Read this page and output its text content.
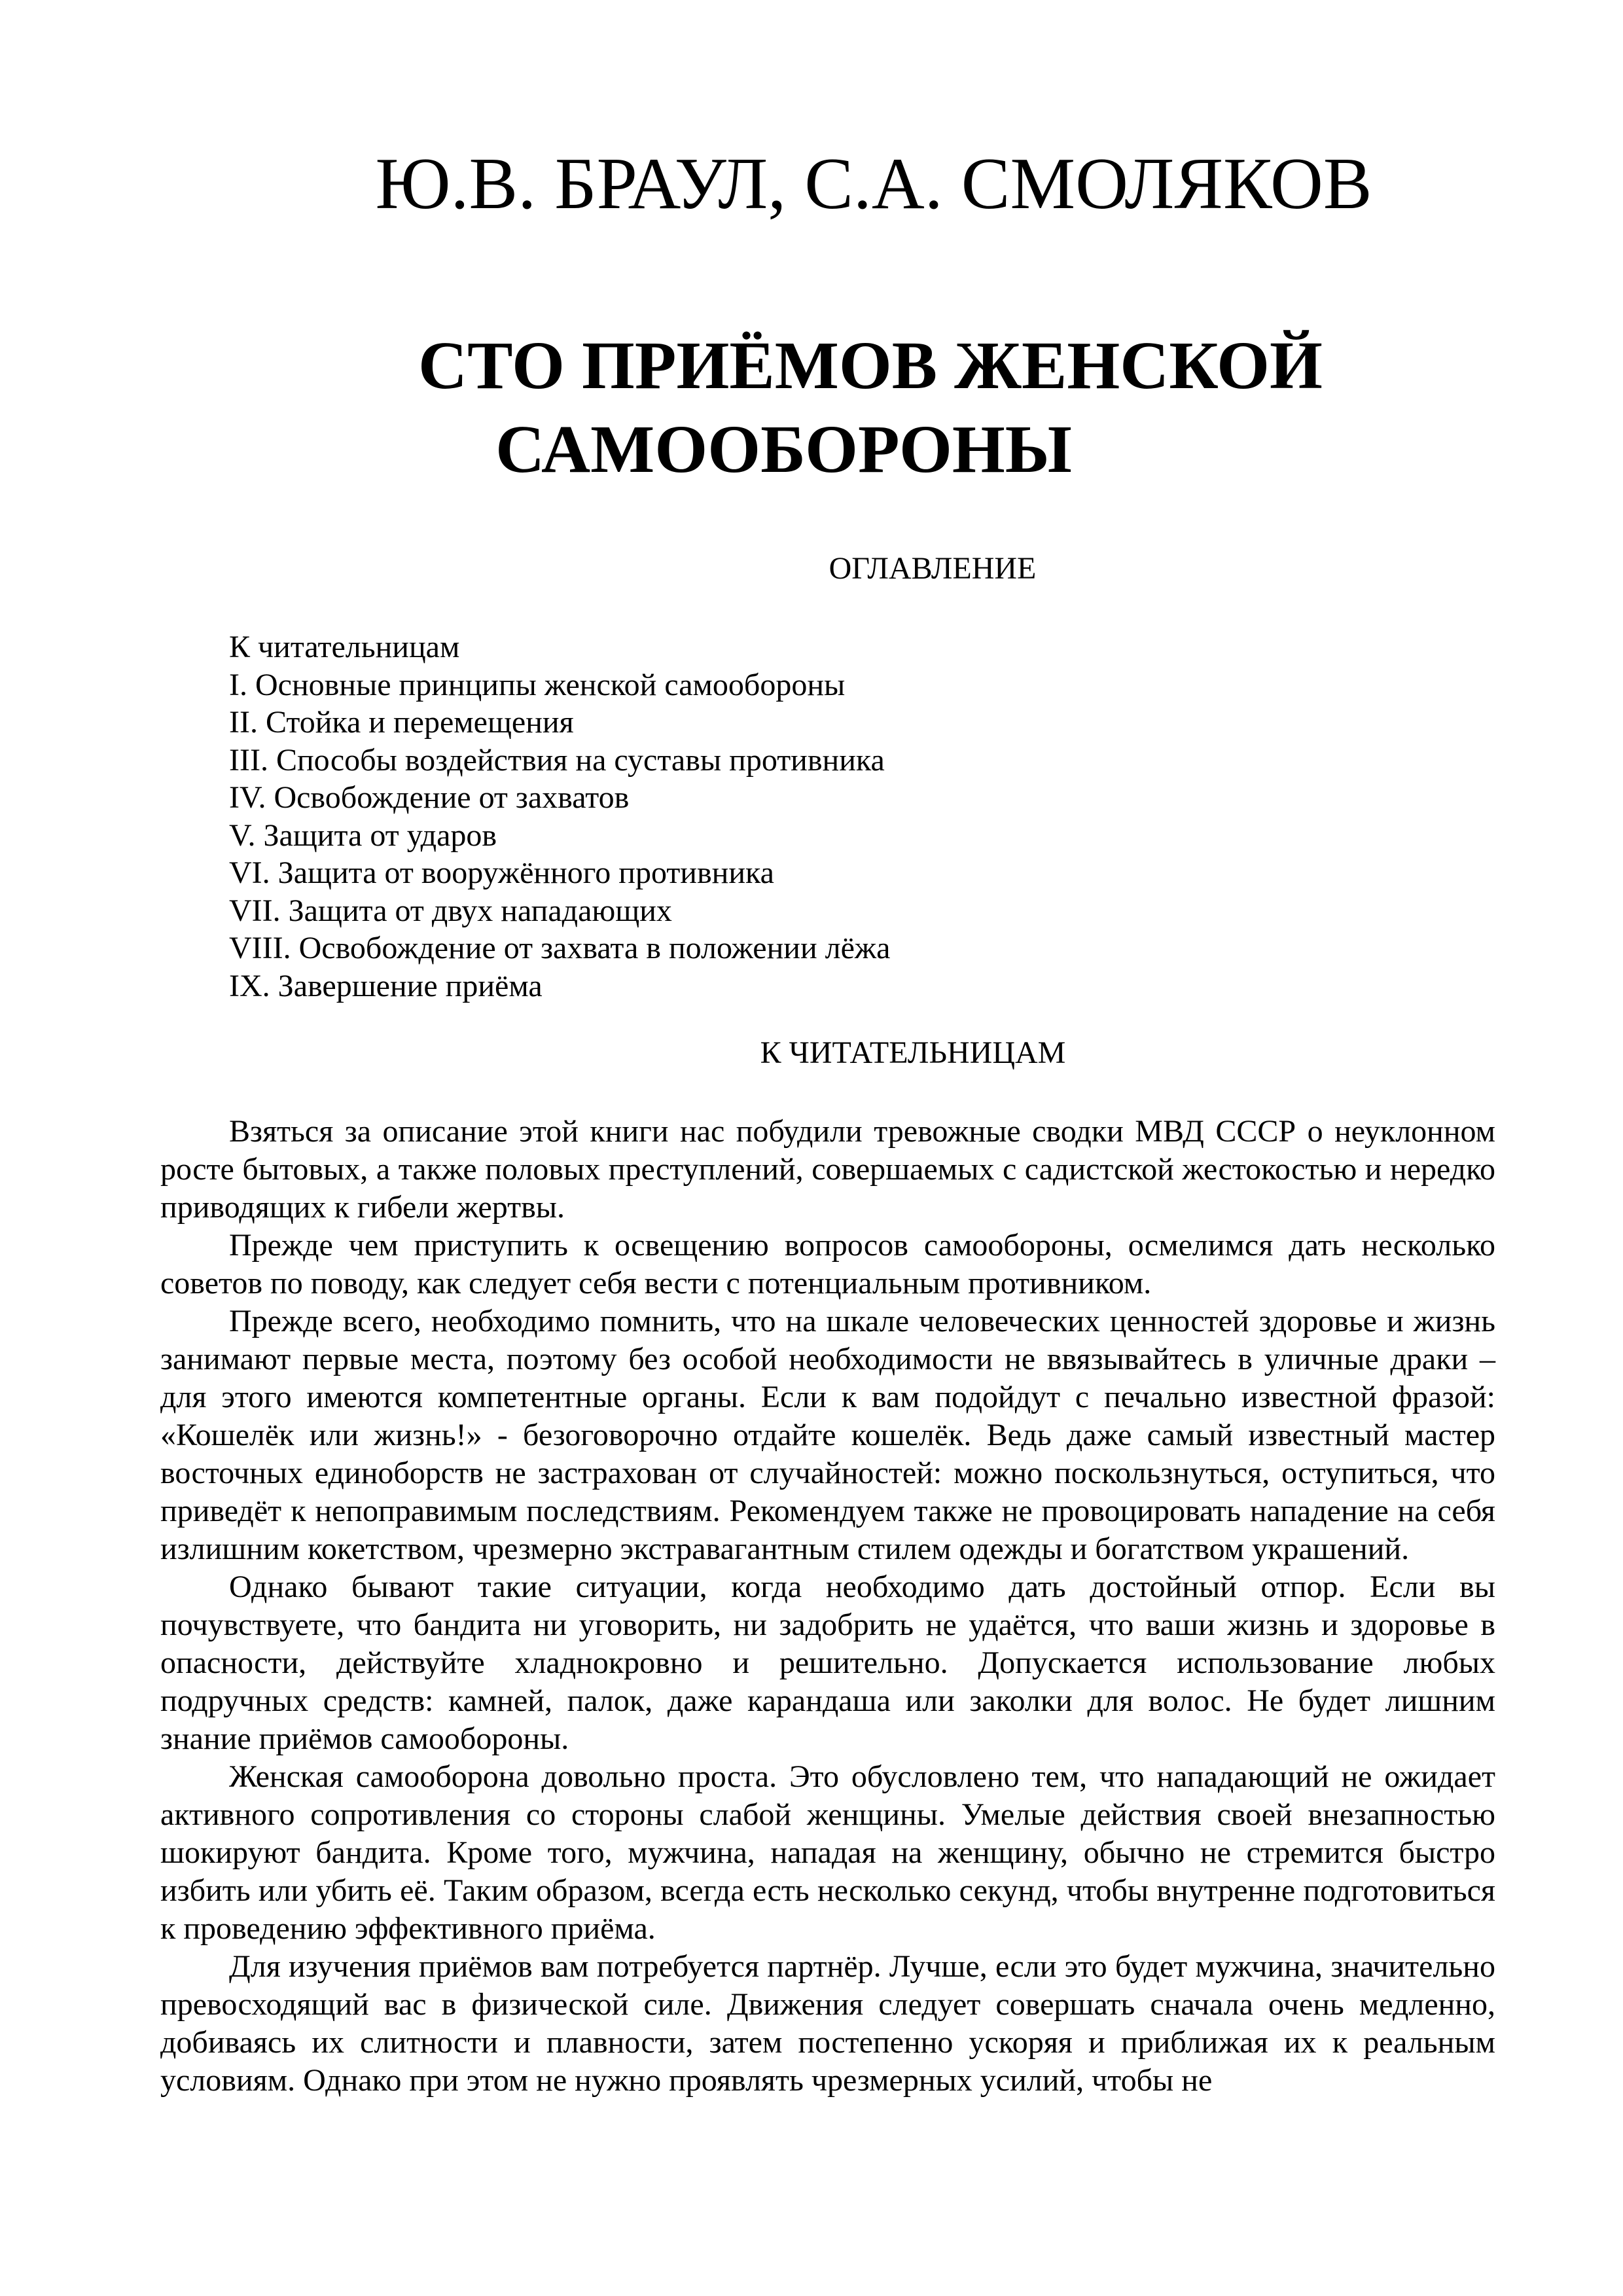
Ю.В. БРАУЛ, С.А. СМОЛЯКОВ
СТО ПРИЁМОВ ЖЕНСКОЙ
САМООБОРОНЫ
ОГЛАВЛЕНИЕ
К читательницам
I. Основные принципы женской самообороны
II. Стойка и перемещения
III. Способы воздействия на суставы противника
IV. Освобождение от захватов
V. Защита от ударов
VI. Защита от вооружённого противника
VII. Защита от двух нападающих
VIII. Освобождение от захвата в положении лёжа
IX. Завершение приёма
К ЧИТАТЕЛЬНИЦАМ

Взяться за описание этой книги нас побудили тревожные сводки МВД СССР о неуклонном росте бытовых, а также половых преступлений, совершаемых с садистской жестокостью и нередко приводящих к гибели жертвы.

Прежде чем приступить к освещению вопросов самообороны, осмелимся дать несколько советов по поводу, как следует себя вести с потенциальным противником.

Прежде всего, необходимо помнить, что на шкале человеческих ценностей здоровье и жизнь занимают первые места, поэтому без особой необходимости не ввязывайтесь в уличные драки – для этого имеются компетентные органы. Если к вам подойдут с печально известной фразой: «Кошелёк или жизнь!» - безоговорочно отдайте кошелёк. Ведь даже самый известный мастер восточных единоборств не застрахован от случайностей: можно поскользнуться, оступиться, что приведёт к непоправимым последствиям. Рекомендуем также не провоцировать нападение на себя излишним кокетством, чрезмерно экстравагантным стилем одежды и богатством украшений.

Однако бывают такие ситуации, когда необходимо дать достойный отпор. Если вы почувствуете, что бандита ни уговорить, ни задобрить не удаётся, что ваши жизнь и здоровье в опасности, действуйте хладнокровно и решительно. Допускается использование любых подручных средств: камней, палок, даже карандаша или заколки для волос. Не будет лишним знание приёмов самообороны.

Женская самооборона довольно проста. Это обусловлено тем, что нападающий не ожидает активного сопротивления со стороны слабой женщины. Умелые действия своей внезапностью шокируют бандита. Кроме того, мужчина, нападая на женщину, обычно не стремится быстро избить или убить её. Таким образом, всегда есть несколько секунд, чтобы внутренне подготовиться к проведению эффективного приёма.

Для изучения приёмов вам потребуется партнёр. Лучше, если это будет мужчина, значительно превосходящий вас в физической силе. Движения следует совершать сначала очень медленно, добиваясь их слитности и плавности, затем постепенно ускоряя и приближая их к реальным условиям. Однако при этом не нужно проявлять чрезмерных усилий, чтобы не
